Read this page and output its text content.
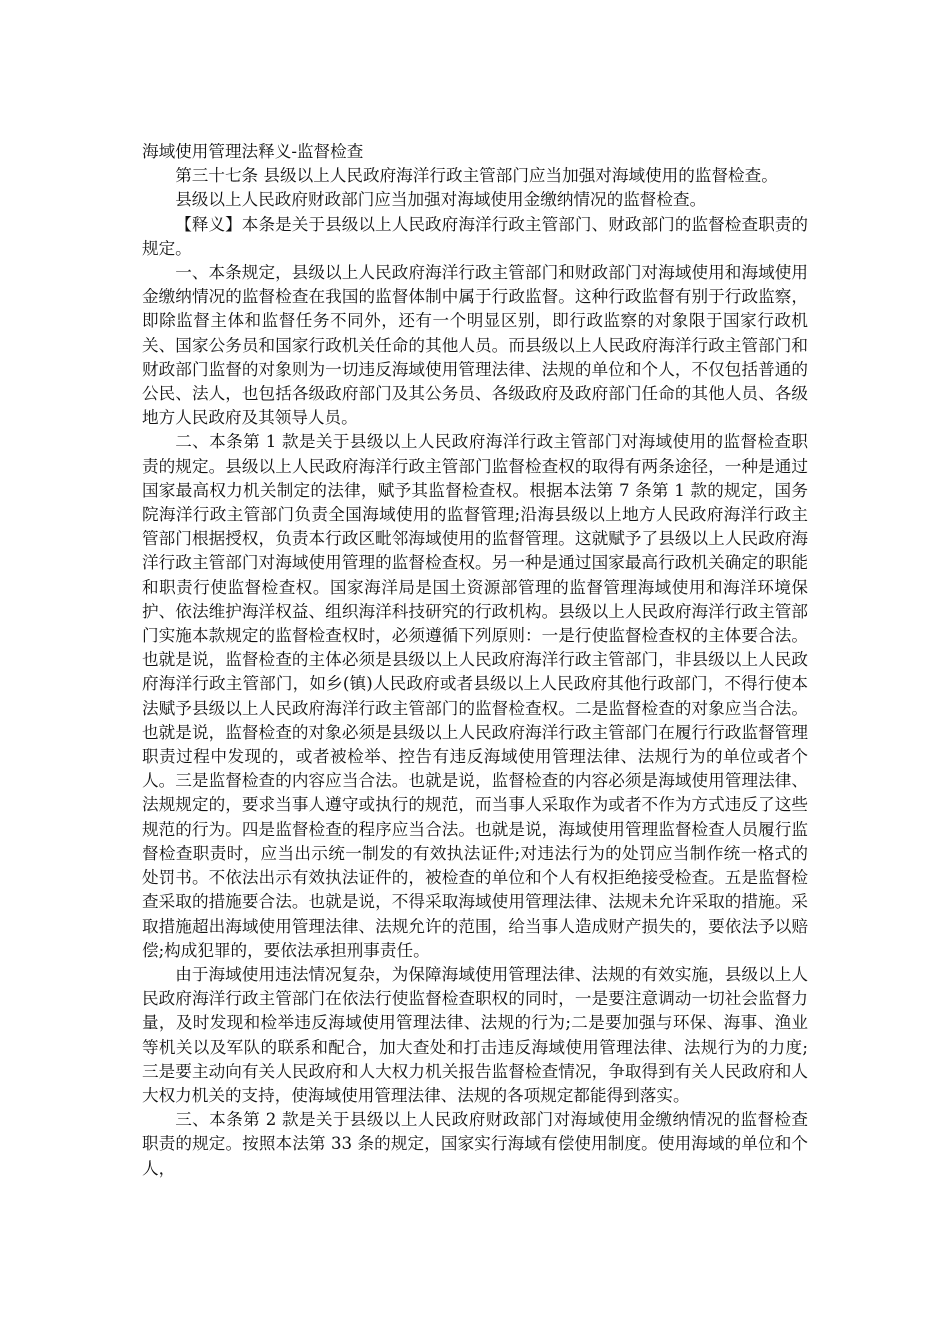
海域使用管理法释义-监督检查

第三十七条 县级以上人民政府海洋行政主管部门应当加强对海域使用的监督检查。

县级以上人民政府财政部门应当加强对海域使用金缴纳情况的监督检查。

【释义】本条是关于县级以上人民政府海洋行政主管部门、财政部门的监督检查职责的规定。

一、本条规定，县级以上人民政府海洋行政主管部门和财政部门对海域使用和海域使用金缴纳情况的监督检查在我国的监督体制中属于行政监督。这种行政监督有别于行政监察，即除监督主体和监督任务不同外，还有一个明显区别，即行政监察的对象限于国家行政机关、国家公务员和国家行政机关任命的其他人员。而县级以上人民政府海洋行政主管部门和财政部门监督的对象则为一切违反海域使用管理法律、法规的单位和个人，不仅包括普通的公民、法人，也包括各级政府部门及其公务员、各级政府及政府部门任命的其他人员、各级地方人民政府及其领导人员。

二、本条第 1 款是关于县级以上人民政府海洋行政主管部门对海域使用的监督检查职责的规定。县级以上人民政府海洋行政主管部门监督检查权的取得有两条途径，一种是通过国家最高权力机关制定的法律，赋予其监督检查权。根据本法第 7 条第 1 款的规定，国务院海洋行政主管部门负责全国海域使用的监督管理;沿海县级以上地方人民政府海洋行政主管部门根据授权，负责本行政区毗邻海域使用的监督管理。这就赋予了县级以上人民政府海洋行政主管部门对海域使用管理的监督检查权。另一种是通过国家最高行政机关确定的职能和职责行使监督检查权。国家海洋局是国土资源部管理的监督管理海域使用和海洋环境保护、依法维护海洋权益、组织海洋科技研究的行政机构。县级以上人民政府海洋行政主管部门实施本款规定的监督检查权时，必须遵循下列原则：一是行使监督检查权的主体要合法。也就是说，监督检查的主体必须是县级以上人民政府海洋行政主管部门，非县级以上人民政府海洋行政主管部门，如乡(镇)人民政府或者县级以上人民政府其他行政部门，不得行使本法赋予县级以上人民政府海洋行政主管部门的监督检查权。二是监督检查的对象应当合法。也就是说，监督检查的对象必须是县级以上人民政府海洋行政主管部门在履行行政监督管理职责过程中发现的，或者被检举、控告有违反海域使用管理法律、法规行为的单位或者个人。三是监督检查的内容应当合法。也就是说，监督检查的内容必须是海域使用管理法律、法规规定的，要求当事人遵守或执行的规范，而当事人采取作为或者不作为方式违反了这些规范的行为。四是监督检查的程序应当合法。也就是说，海域使用管理监督检查人员履行监督检查职责时，应当出示统一制发的有效执法证件;对违法行为的处罚应当制作统一格式的处罚书。不依法出示有效执法证件的，被检查的单位和个人有权拒绝接受检查。五是监督检查采取的措施要合法。也就是说，不得采取海域使用管理法律、法规未允许采取的措施。采取措施超出海域使用管理法律、法规允许的范围，给当事人造成财产损失的，要依法予以赔偿;构成犯罪的，要依法承担刑事责任。

由于海域使用违法情况复杂，为保障海域使用管理法律、法规的有效实施，县级以上人民政府海洋行政主管部门在依法行使监督检查职权的同时，一是要注意调动一切社会监督力量，及时发现和检举违反海域使用管理法律、法规的行为;二是要加强与环保、海事、渔业等机关以及军队的联系和配合，加大查处和打击违反海域使用管理法律、法规行为的力度;三是要主动向有关人民政府和人大权力机关报告监督检查情况，争取得到有关人民政府和人大权力机关的支持，使海域使用管理法律、法规的各项规定都能得到落实。

三、本条第 2 款是关于县级以上人民政府财政部门对海域使用金缴纳情况的监督检查职责的规定。按照本法第 33 条的规定，国家实行海域有偿使用制度。使用海域的单位和个人，
